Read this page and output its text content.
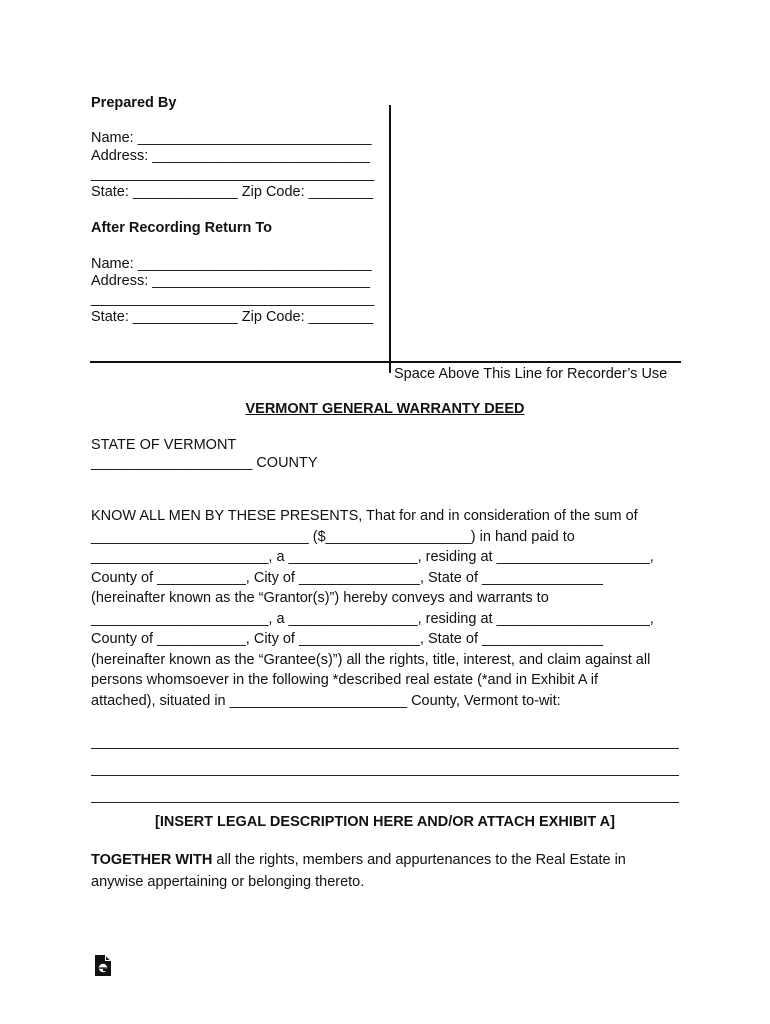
Prepared By
Name: _____________________________
Address: ___________________________
____________________________________
State: _____________ Zip Code: ________
After Recording Return To
Name: _____________________________
Address: ___________________________
____________________________________
State: _____________ Zip Code: ________
Space Above This Line for Recorder’s Use
VERMONT GENERAL WARRANTY DEED
STATE OF VERMONT
____________________ COUNTY
KNOW ALL MEN BY THESE PRESENTS, That for and in consideration of the sum of
___________________________ ($__________________) in hand paid to
______________________, a ________________, residing at ___________________,
County of ___________, City of _______________, State of _______________
(hereinafter known as the “Grantor(s)”) hereby conveys and warrants to
______________________, a ________________, residing at ___________________,
County of ___________, City of _______________, State of _______________
(hereinafter known as the “Grantee(s)”) all the rights, title, interest, and claim against all
persons whomsoever in the following *described real estate (*and in Exhibit A if
attached), situated in ______________________ County, Vermont to-wit:
[INSERT LEGAL DESCRIPTION HERE AND/OR ATTACH EXHIBIT A]
TOGETHER WITH all the rights, members and appurtenances to the Real Estate in
anywise appertaining or belonging thereto.
